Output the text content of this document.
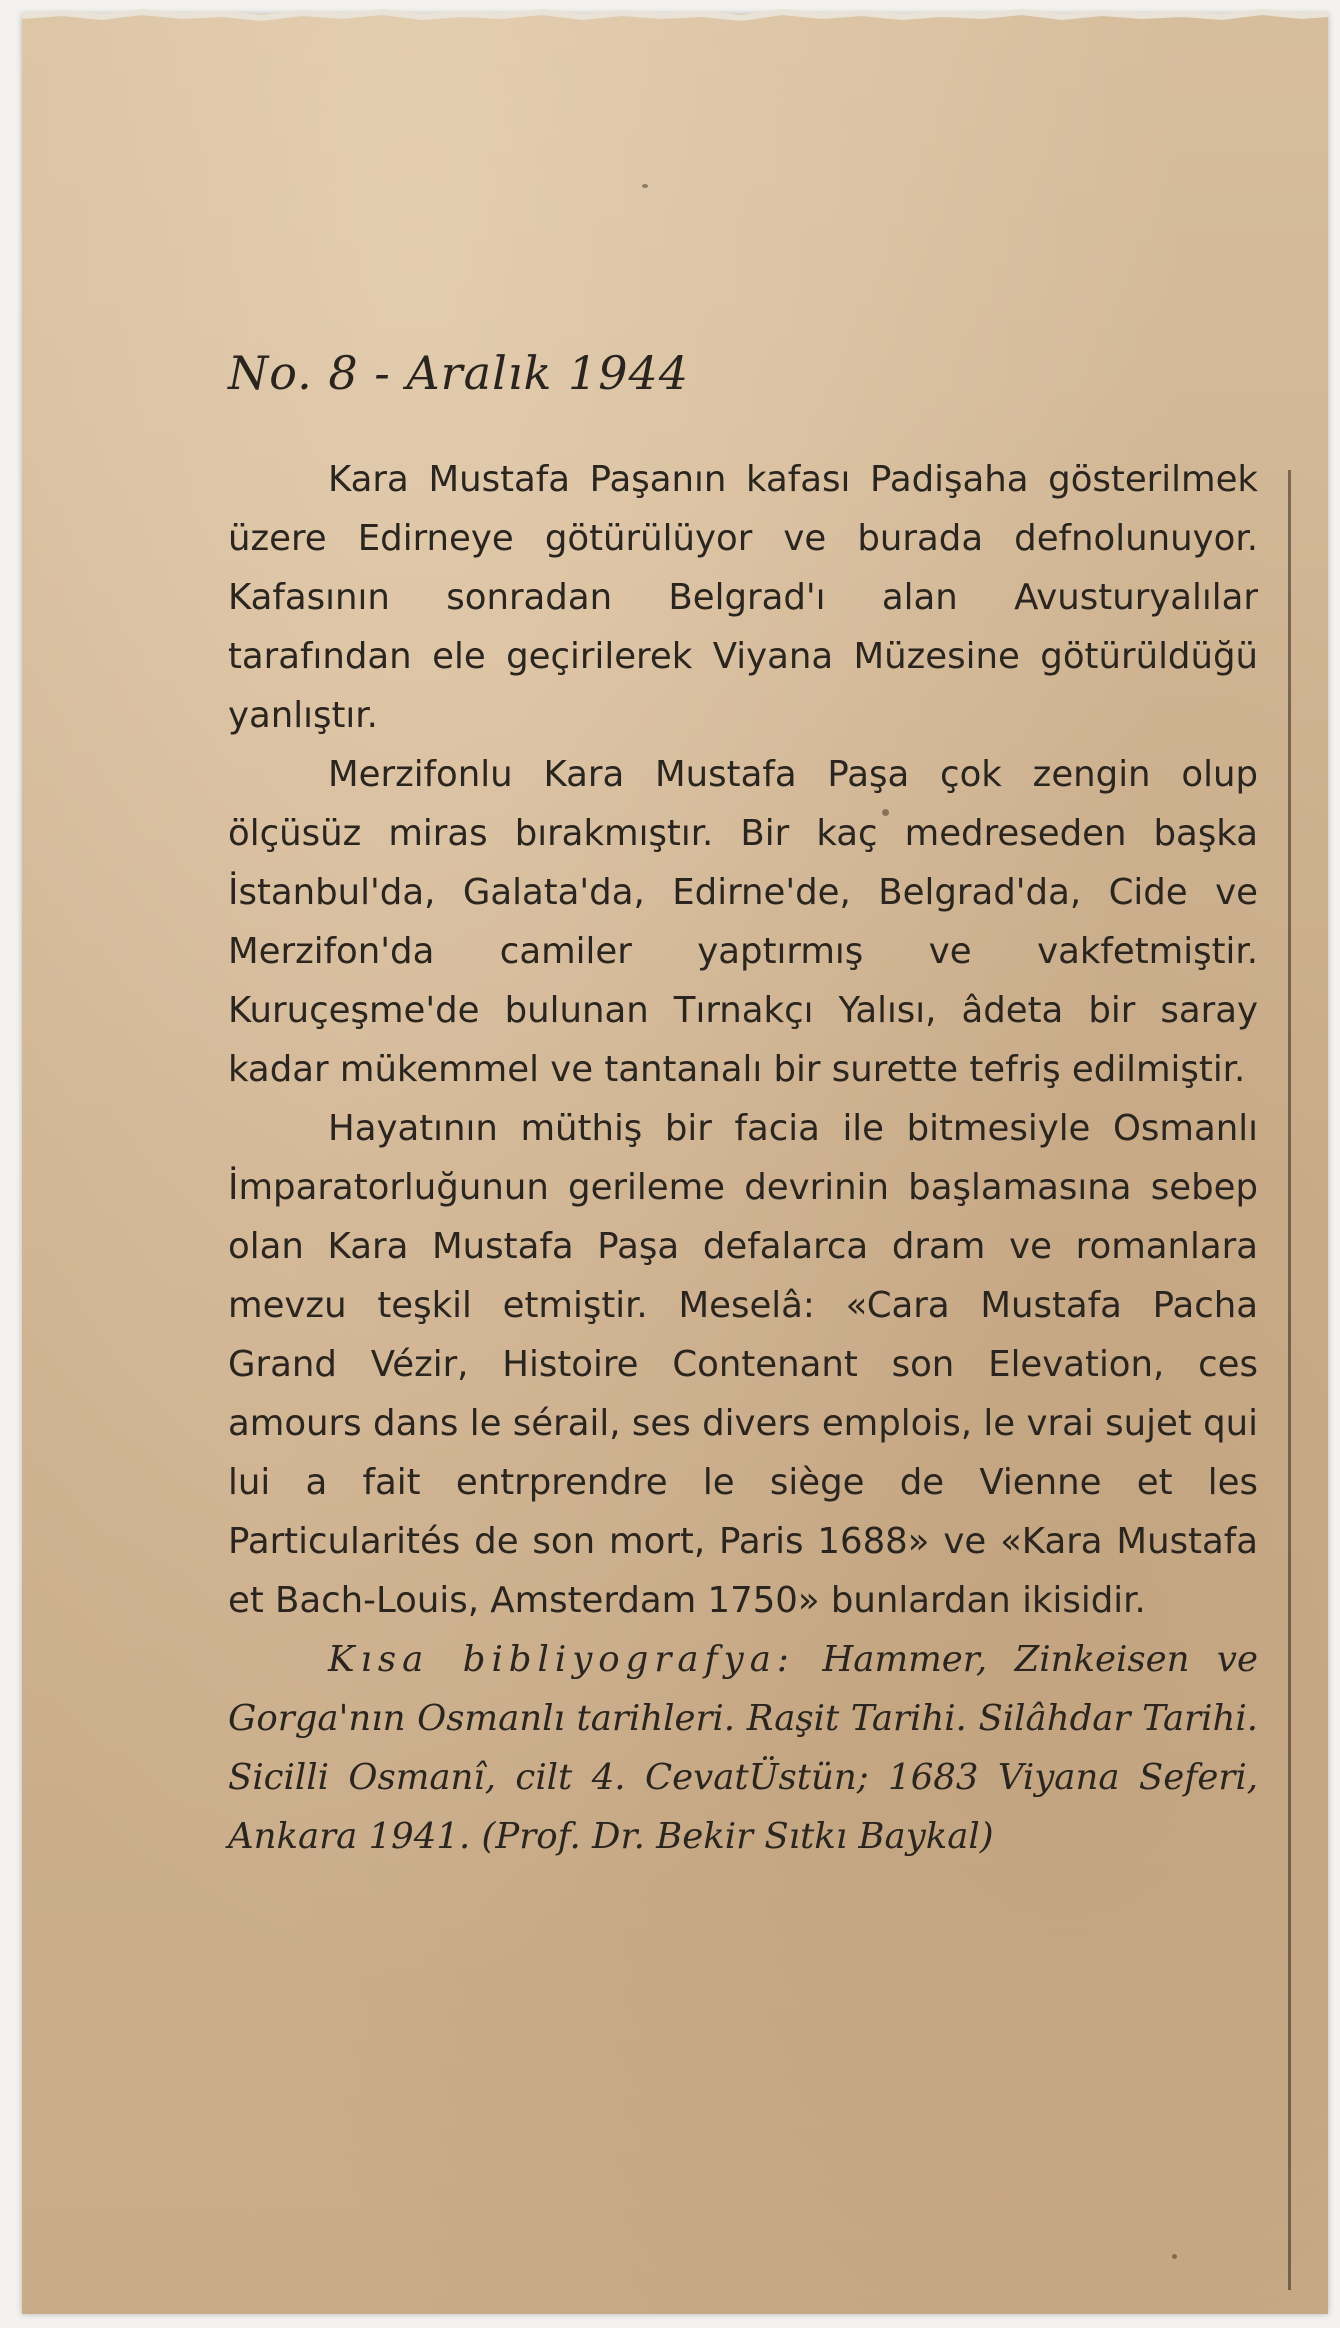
No. 8 - Aralık 1944

Kara Mustafa Paşanın kafası Padişaha gösterilmek üzere Edirneye götürülüyor ve burada defnolunuyor. Kafasının sonradan Belgrad'ı alan Avusturyalılar tarafından ele geçirilerek Viyana Müzesine götürüldüğü yanlıştır.

Merzifonlu Kara Mustafa Paşa çok zengin olup ölçüsüz miras bırakmıştır. Bir kaç medreseden başka İstanbul'da, Galata'da, Edirne'de, Belgrad'da, Cide ve Merzifon'da camiler yaptırmış ve vakfetmiştir. Kuruçeşme'de bulunan Tırnakçı Yalısı, âdeta bir saray kadar mükemmel ve tantanalı bir surette tefriş edilmiştir.

Hayatının müthiş bir facia ile bitmesiyle Osmanlı İmparatorluğunun gerileme devrinin başlamasına sebep olan Kara Mustafa Paşa defalarca dram ve romanlara mevzu teşkil etmiştir. Meselâ: «Cara Mustafa Pacha Grand Vézir, Histoire Contenant son Elevation, ces amours dans le sérail, ses divers emplois, le vrai sujet qui lui a fait entrprendre le siège de Vienne et les Particularités de son mort, Paris 1688» ve «Kara Mustafa et Bach-Louis, Amsterdam 1750» bunlardan ikisidir.

Kısa bibliyografya: Hammer, Zinkeisen ve Gorga'nın Osmanlı tarihleri. Raşit Tarihi. Silâhdar Tarihi. Sicilli Osmanî, cilt 4. CevatÜstün; 1683 Viyana Seferi, Ankara 1941. (Prof. Dr. Bekir Sıtkı Baykal)
